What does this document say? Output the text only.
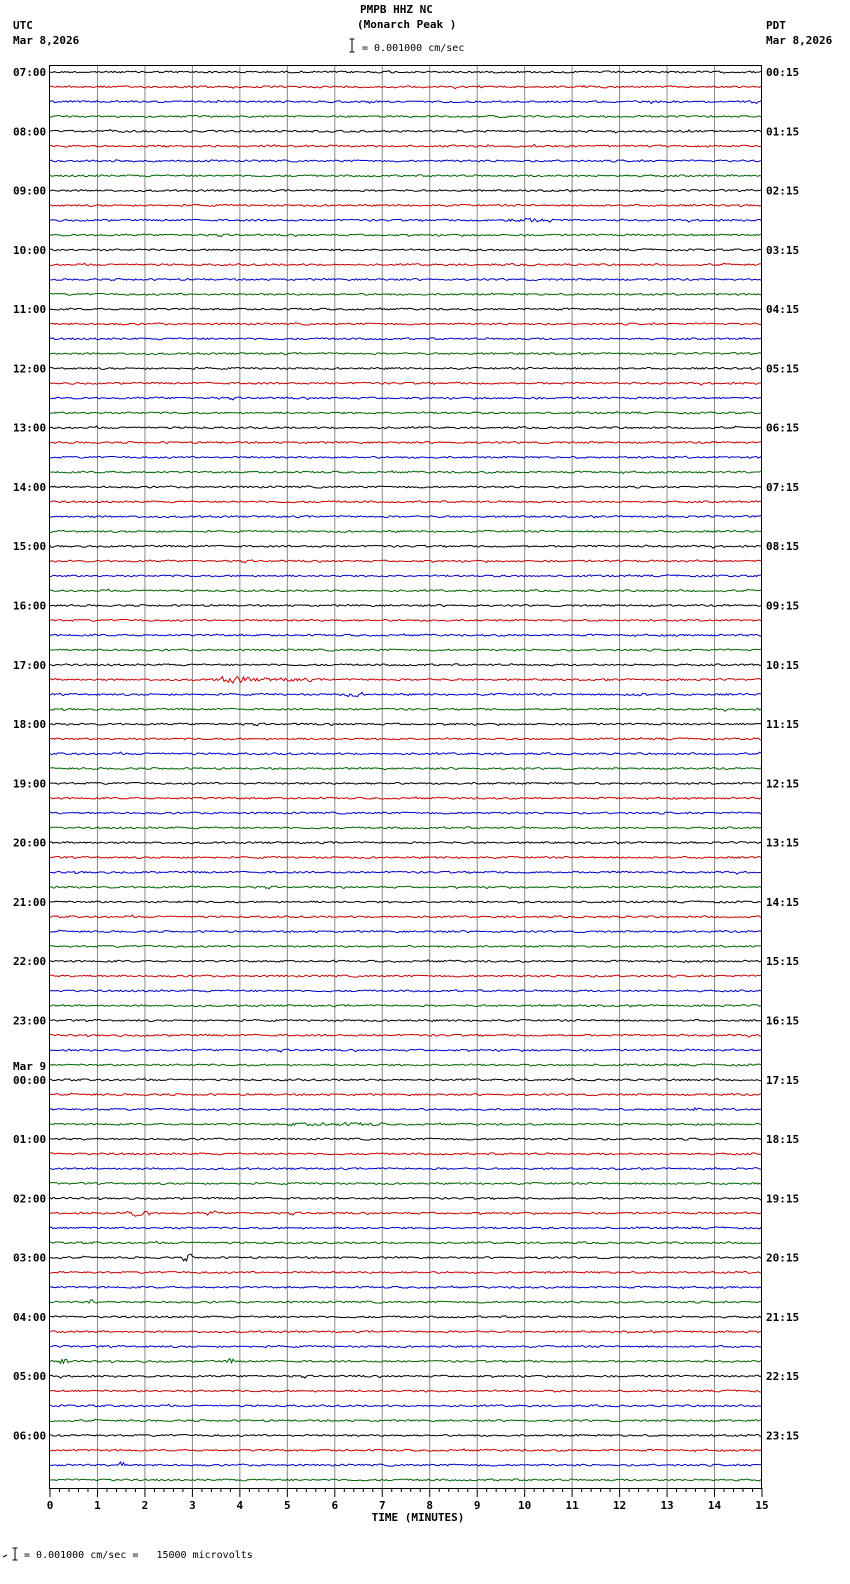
PMPB HHZ NC
(Monarch Peak )
= 0.001000 cm/sec
UTC
Mar 8,2026
PDT
Mar 8,2026
0	1	2	3	4	5	6	7	8	9	10	11	12	13	14	15
07:00
08:00
09:00
10:00
11:00
12:00
13:00
14:00
15:00
16:00
17:00
18:00
19:00
20:00
21:00
22:00
23:00
00:00
Mar 9
01:00
02:00
03:00
04:00
05:00
06:00
00:15
01:15
02:15
03:15
04:15
05:15
06:15
07:15
08:15
09:15
10:15
11:15
12:15
13:15
14:15
15:15
16:15
17:15
18:15
19:15
20:15
21:15
22:15
23:15
TIME (MINUTES)
= 0.001000 cm/sec =   15000 microvolts
